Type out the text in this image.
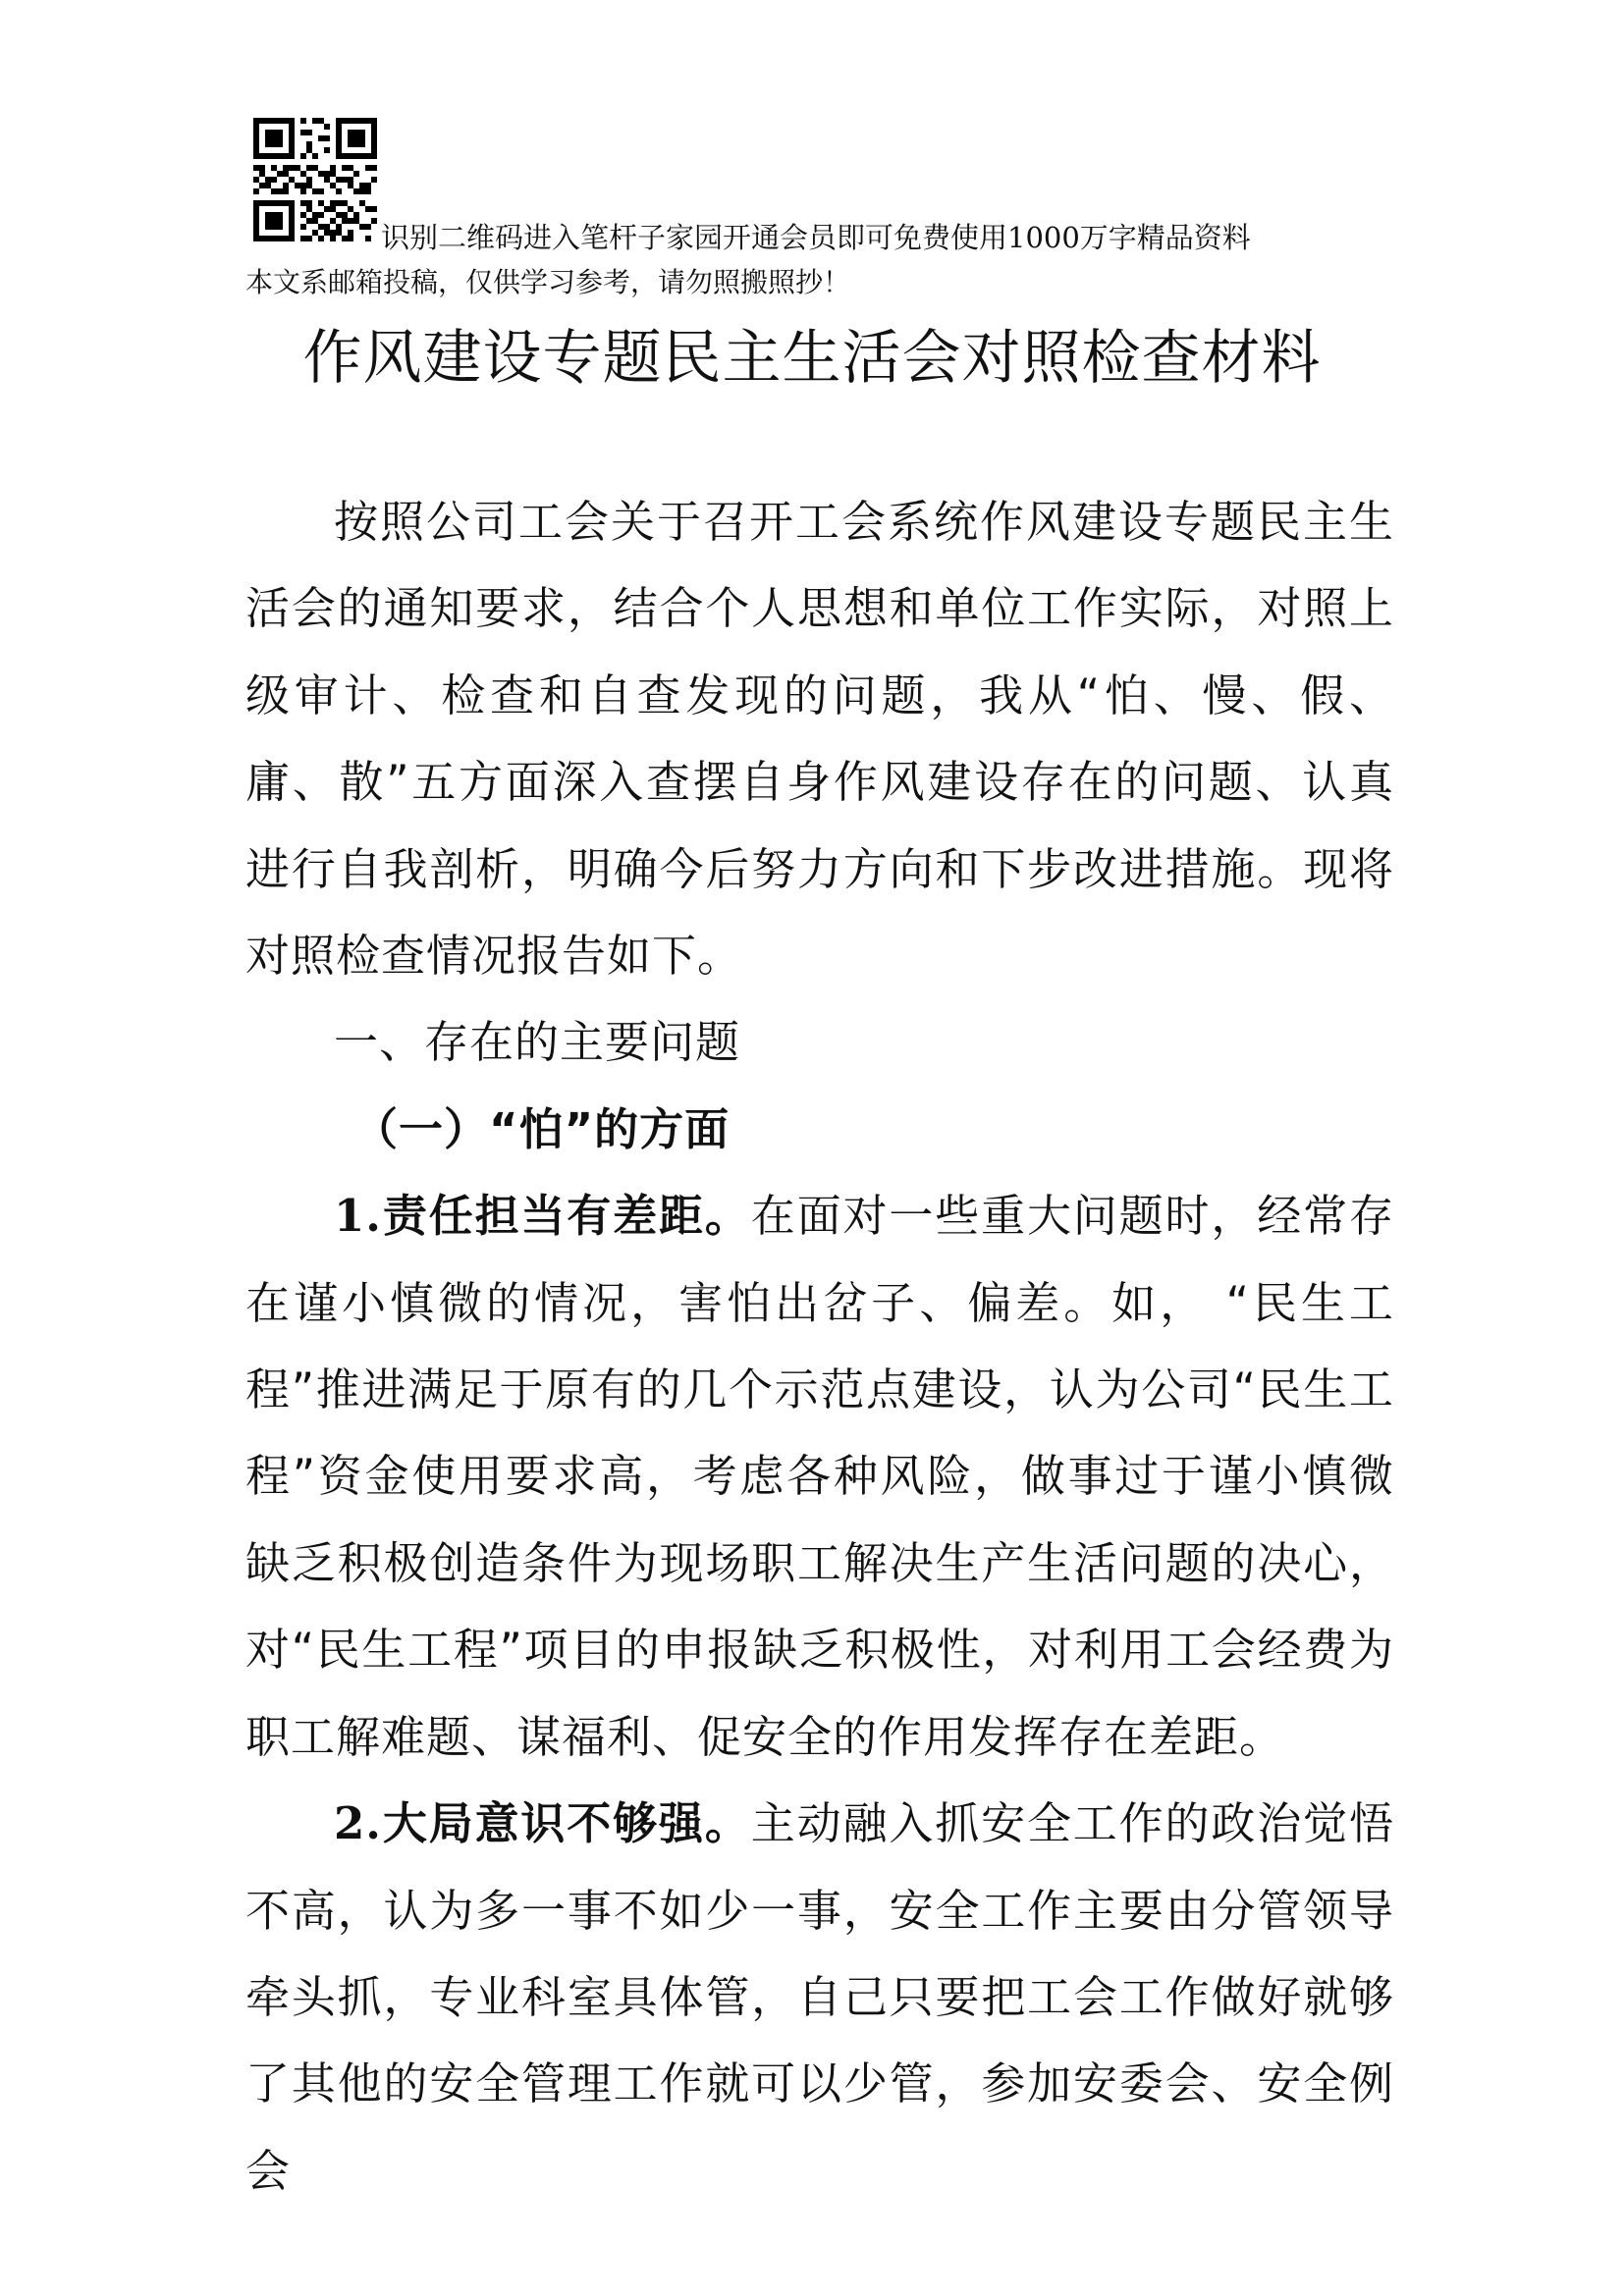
识别二维码进入笔杆子家园开通会员即可免费使用1000万字精品资料
本文系邮箱投稿，仅供学习参考，请勿照搬照抄！
作风建设专题民主生活会对照检查材料

按照公司工会关于召开工会系统作风建设专题民主生活会的通知要求，结合个人思想和单位工作实际，对照上级审计、检查和自查发现的问题，我从“怕、慢、假、庸、散”五方面深入查摆自身作风建设存在的问题、认真进行自我剖析，明确今后努力方向和下步改进措施。现将对照检查情况报告如下。

一、存在的主要问题

（一）“怕”的方面

1.责任担当有差距。在面对一些重大问题时，经常存在谨小慎微的情况，害怕出岔子、偏差。如， “民生工程”推进满足于原有的几个示范点建设，认为公司“民生工程”资金使用要求高，考虑各种风险，做事过于谨小慎微缺乏积极创造条件为现场职工解决生产生活问题的决心，对“民生工程”项目的申报缺乏积极性，对利用工会经费为职工解难题、谋福利、促安全的作用发挥存在差距。

2.大局意识不够强。主动融入抓安全工作的政治觉悟不高，认为多一事不如少一事，安全工作主要由分管领导牵头抓，专业科室具体管，自己只要把工会工作做好就够了其他的安全管理工作就可以少管，参加安委会、安全例会
